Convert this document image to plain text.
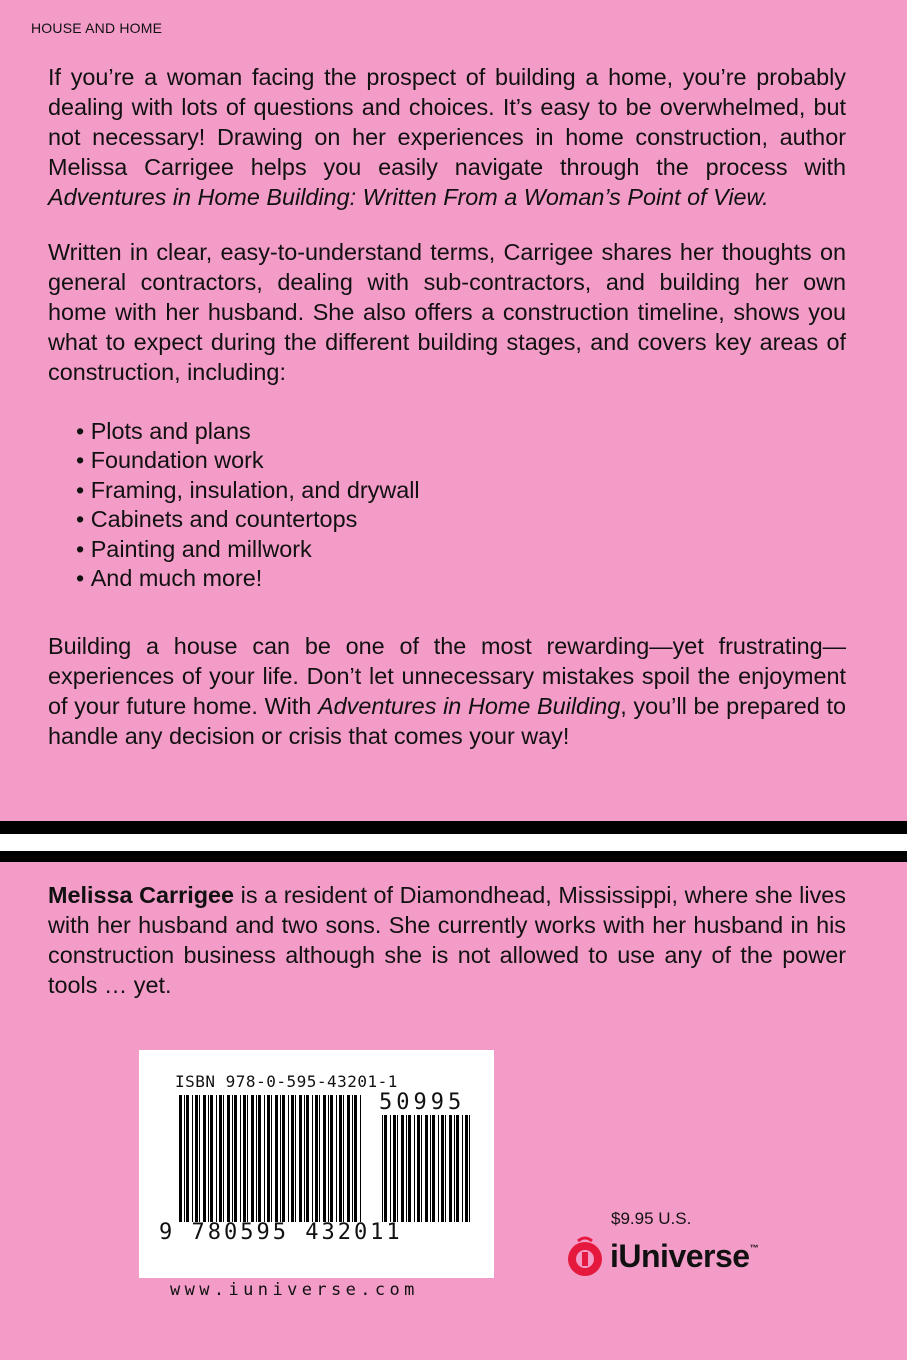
HOUSE AND HOME

If you’re a woman facing the prospect of building a home, you’re probably dealing with lots of questions and choices. It’s easy to be overwhelmed, but not necessary! Drawing on her experiences in home construction, author Melissa Carrigee helps you easily navigate through the process with Adventures in Home Building: Written From a Woman’s Point of View.

Written in clear, easy-to-understand terms, Carrigee shares her thoughts on general contractors, dealing with sub-contractors, and building her own home with her husband. She also offers a construction timeline, shows you what to expect during the different building stages, and covers key areas of construction, including:

• Plots and plans
• Foundation work
• Framing, insulation, and drywall
• Cabinets and countertops
• Painting and millwork
• And much more!

Building a house can be one of the most rewarding—yet frustrating—experiences of your life. Don’t let unnecessary mistakes spoil the enjoyment of your future home. With Adventures in Home Building, you’ll be prepared to handle any decision or crisis that comes your way!

Melissa Carrigee is a resident of Diamondhead, Mississippi, where she lives with her husband and two sons. She currently works with her husband in his construction business although she is not allowed to use any of the power tools … yet.

ISBN 978-0-595-43201-1
50995
9 780595 432011
www.iuniverse.com
$9.95 U.S.
iUniverse ™
